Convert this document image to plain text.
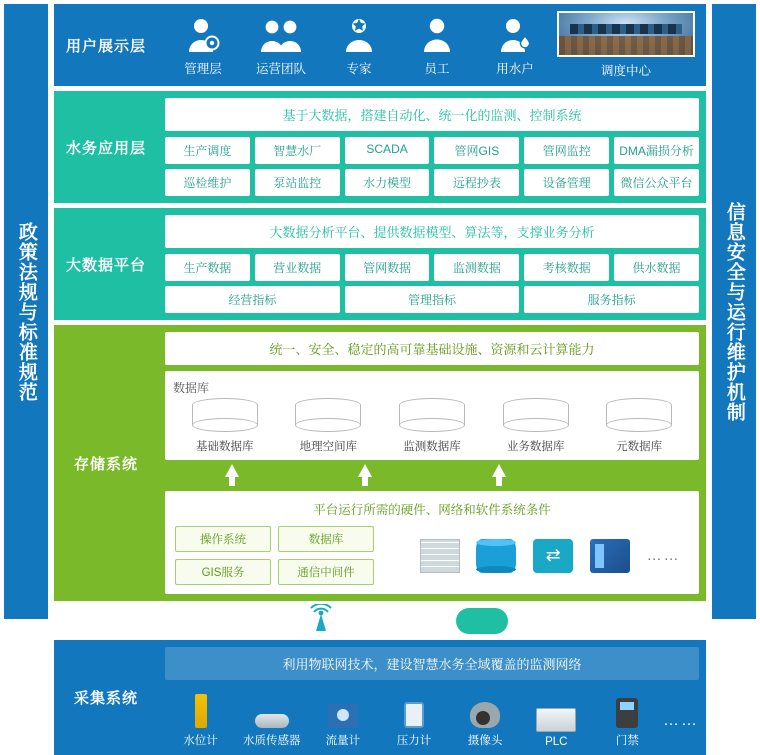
政策法规与标准规范	信息安全与运行维护机制
用户展示层
管理层	运营团队	专家	员工	用水户	调度中心
水务应用层
基于大数据，搭建自动化、统一化的监测、控制系统
生产调度	智慧水厂	SCADA	管网GIS	管网监控	DMA漏损分析
巡检维护	泵站监控	水力模型	远程抄表	设备管理	微信公众平台
大数据平台
大数据分析平台、提供数据模型、算法等，支撑业务分析
生产数据	营业数据	管网数据	监测数据	考核数据	供水数据
经营指标	管理指标	服务指标
存储系统
统一、安全、稳定的高可靠基础设施、资源和云计算能力
数据库
基础数据库	地理空间库	监测数据库	业务数据库	元数据库
平台运行所需的硬件、网络和软件系统条件
操作系统	数据库
GIS服务	通信中间件
⇄
……
采集系统
利用物联网技术，建设智慧水务全域覆盖的监测网络
水位计	水质传感器	流量计	压力计	摄像头	PLC	门禁
……
